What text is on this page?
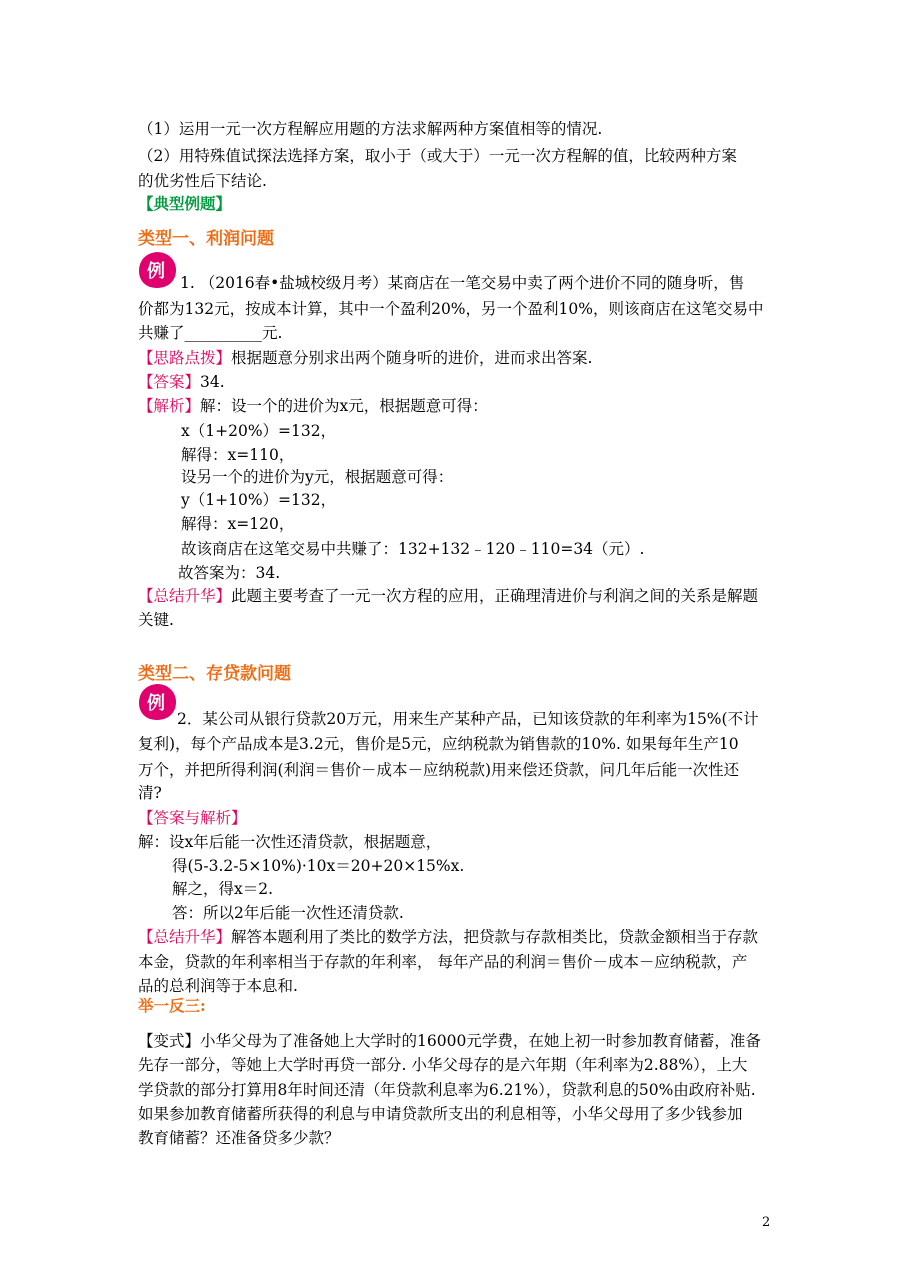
（1）运用一元一次方程解应用题的方法求解两种方案值相等的情况.
（2）用特殊值试探法选择方案，取小于（或大于）一元一次方程解的值，比较两种方案
的优劣性后下结论.
【典型例题】
类型一、利润问题
例
1. （2016春•盐城校级月考）某商店在一笔交易中卖了两个进价不同的随身听，售
价都为132元，按成本计算，其中一个盈利20%，另一个盈利10%，则该商店在这笔交易中
共赚了__________元.
【思路点拨】根据题意分别求出两个随身听的进价，进而求出答案.
【答案】34.
【解析】解：设一个的进价为x元，根据题意可得：
x（1+20%）=132，
解得：x=110，
设另一个的进价为y元，根据题意可得：
y（1+10%）=132，
解得：x=120，
故该商店在这笔交易中共赚了：132+132﹣120﹣110=34（元）.
故答案为：34.
【总结升华】此题主要考查了一元一次方程的应用，正确理清进价与利润之间的关系是解题
关键.
类型二、存贷款问题
例
2．某公司从银行贷款20万元，用来生产某种产品，已知该贷款的年利率为15%(不计
复利)，每个产品成本是3.2元，售价是5元，应纳税款为销售款的10%. 如果每年生产10
万个，并把所得利润(利润＝售价－成本－应纳税款)用来偿还贷款，问几年后能一次性还
清?
【答案与解析】
解：设x年后能一次性还清贷款，根据题意，
得(5-3.2-5×10%)·10x＝20+20×15%x.
解之，得x＝2.
答：所以2年后能一次性还清贷款.
【总结升华】解答本题利用了类比的数学方法，把贷款与存款相类比，贷款金额相当于存款
本金，贷款的年利率相当于存款的年利率， 每年产品的利润＝售价－成本－应纳税款，产
品的总利润等于本息和.
举一反三:
【变式】小华父母为了准备她上大学时的16000元学费，在她上初一时参加教育储蓄，准备
先存一部分，等她上大学时再贷一部分. 小华父母存的是六年期（年利率为2.88%），上大
学贷款的部分打算用8年时间还清（年贷款利息率为6.21%），贷款利息的50%由政府补贴.
如果参加教育储蓄所获得的利息与申请贷款所支出的利息相等，小华父母用了多少钱参加
教育储蓄？还准备贷多少款？
2
